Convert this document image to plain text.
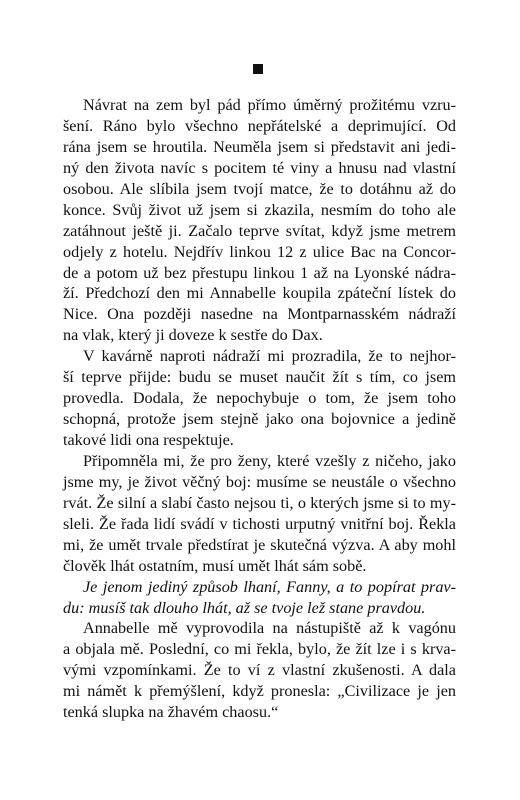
Návrat na zem byl pád přímo úměrný prožitému vzru-
šení. Ráno bylo všechno nepřátelské a deprimující. Od
rána jsem se hroutila. Neuměla jsem si představit ani jedi-
ný den života navíc s pocitem té viny a hnusu nad vlastní
osobou. Ale slíbila jsem tvojí matce, že to dotáhnu až do
konce. Svůj život už jsem si zkazila, nesmím do toho ale
zatáhnout ještě ji. Začalo teprve svítat, když jsme metrem
odjely z hotelu. Nejdřív linkou 12 z ulice Bac na Concor-
de a potom už bez přestupu linkou 1 až na Lyonské nádra-
ží. Předchozí den mi Annabelle koupila zpáteční lístek do
Nice. Ona později nasedne na Montparnasském nádraží
na vlak, který ji doveze k sestře do Dax.
V kavárně naproti nádraží mi prozradila, že to nejhor-
ší teprve přijde: budu se muset naučit žít s tím, co jsem
provedla. Dodala, že nepochybuje o tom, že jsem toho
schopná, protože jsem stejně jako ona bojovnice a jedině
takové lidi ona respektuje.
Připomněla mi, že pro ženy, které vzešly z ničeho, jako
jsme my, je život věčný boj: musíme se neustále o všechno
rvát. Že silní a slabí často nejsou ti, o kterých jsme si to my-
sleli. Že řada lidí svádí v tichosti urputný vnitřní boj. Řekla
mi, že umět trvale předstírat je skutečná výzva. A aby mohl
člověk lhát ostatním, musí umět lhát sám sobě.
Je jenom jediný způsob lhaní, Fanny, a to popírat prav-
du: musíš tak dlouho lhát, až se tvoje lež stane pravdou.
Annabelle mě vyprovodila na nástupiště až k vagónu
a objala mě. Poslední, co mi řekla, bylo, že žít lze i s krva-
vými vzpomínkami. Že to ví z vlastní zkušenosti. A dala
mi námět k přemýšlení, když pronesla: „Civilizace je jen
tenká slupka na žhavém chaosu.“
